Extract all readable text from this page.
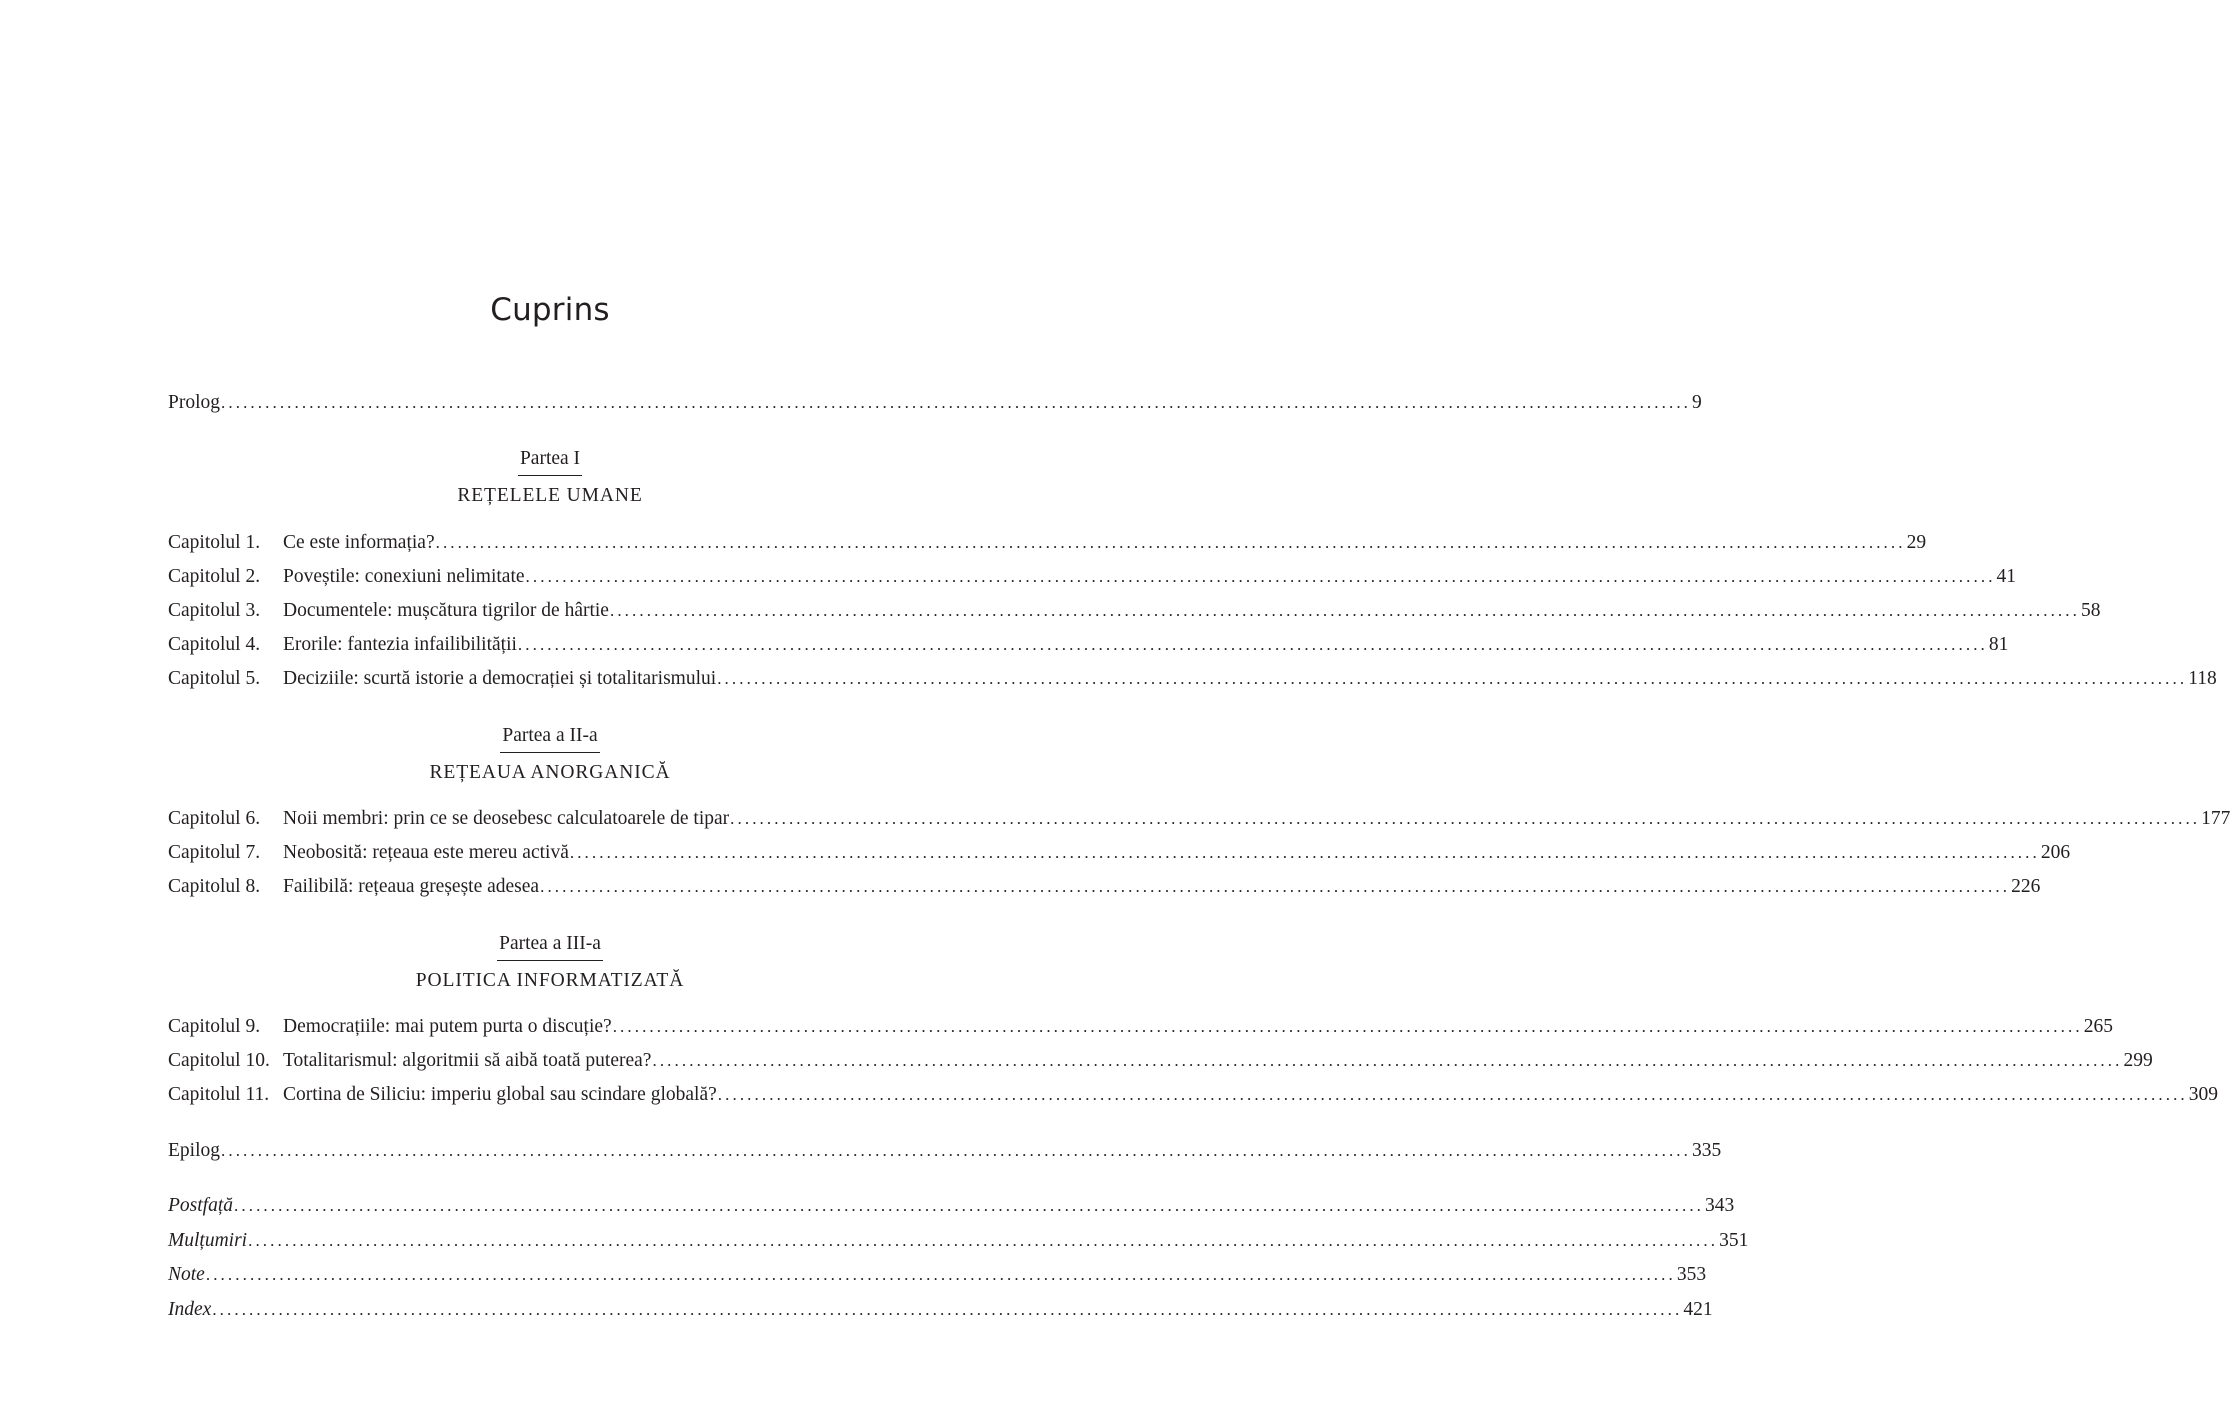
Cuprins
Prolog ........................................................................................................................................................................................................ 9
Partea I
REȚELELE UMANE
Capitolul 1.	Ce este informația? ........................................................................................................................................................................................................ 29
Capitolul 2.	Poveștile: conexiuni nelimitate ........................................................................................................................................................................................................ 41
Capitolul 3.	Documentele: mușcătura tigrilor de hârtie ........................................................................................................................................................................................................ 58
Capitolul 4.	Erorile: fantezia infailibilității ........................................................................................................................................................................................................ 81
Capitolul 5.	Deciziile: scurtă istorie a democrației și totalitarismului ........................................................................................................................................................................................................ 118
Partea a II-a
REȚEAUA ANORGANICĂ
Capitolul 6.	Noii membri: prin ce se deosebesc calculatoarele de tipar ........................................................................................................................................................................................................ 177
Capitolul 7.	Neobosită: rețeaua este mereu activă ........................................................................................................................................................................................................ 206
Capitolul 8.	Failibilă: rețeaua greșește adesea ........................................................................................................................................................................................................ 226
Partea a III-a
POLITICA INFORMATIZATĂ
Capitolul 9.	Democrațiile: mai putem purta o discuție? ........................................................................................................................................................................................................ 265
Capitolul 10. Totalitarismul: algoritmii să aibă toată puterea? ........................................................................................................................................................................................................ 299
Capitolul 11. Cortina de Siliciu: imperiu global sau scindare globală? ........................................................................................................................................................................................................ 309
Epilog ........................................................................................................................................................................................................ 335
Postfață ........................................................................................................................................................................................................ 343
Mulțumiri ........................................................................................................................................................................................................ 351
Note ........................................................................................................................................................................................................ 353
Index ........................................................................................................................................................................................................ 421
